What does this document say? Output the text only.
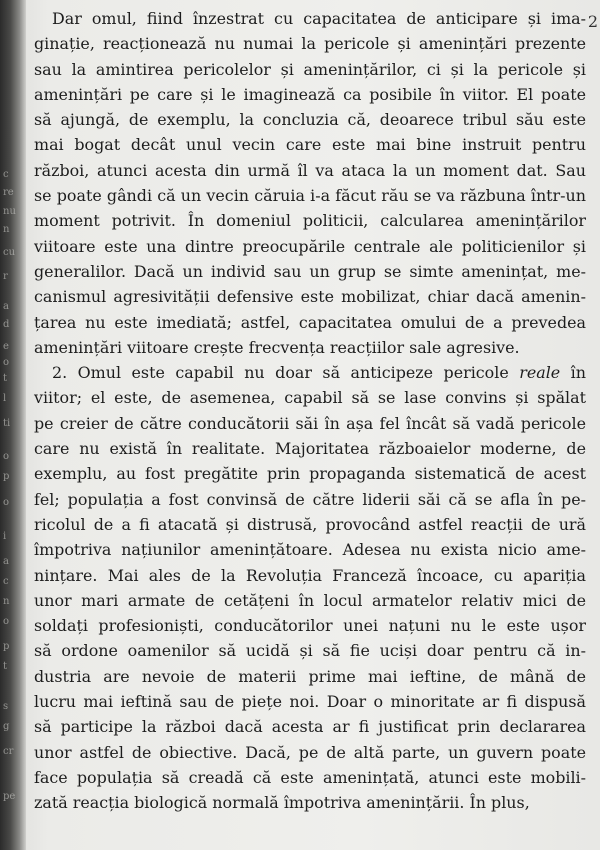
c
re
nu
n
cu
r
a
d
e
o
t
l
ti
o
p
o
i
a
c
n
o
p
t
s
g
cr
pe
2
Dar omul, fiind înzestrat cu capacitatea de anticipare și ima-
ginație, reacționează nu numai la pericole și amenințări prezente
sau la amintirea pericolelor și amenințărilor, ci și la pericole și
amenințări pe care și le imaginează ca posibile în viitor. El poate
să ajungă, de exemplu, la concluzia că, deoarece tribul său este
mai bogat decât unul vecin care este mai bine instruit pentru
război, atunci acesta din urmă îl va ataca la un moment dat. Sau
se poate gândi că un vecin căruia i-a făcut rău se va răzbuna într-un
moment potrivit. În domeniul politicii, calcularea amenințărilor
viitoare este una dintre preocupările centrale ale politicienilor și
generalilor. Dacă un individ sau un grup se simte amenințat, me-
canismul agresivității defensive este mobilizat, chiar dacă amenin-
țarea nu este imediată; astfel, capacitatea omului de a prevedea
amenințări viitoare crește frecvența reacțiilor sale agresive.
2. Omul este capabil nu doar să anticipeze pericole reale în
viitor; el este, de asemenea, capabil să se lase convins și spălat
pe creier de către conducătorii săi în așa fel încât să vadă pericole
care nu există în realitate. Majoritatea războaielor moderne, de
exemplu, au fost pregătite prin propaganda sistematică de acest
fel; populația a fost convinsă de către liderii săi că se afla în pe-
ricolul de a fi atacată și distrusă, provocând astfel reacții de ură
împotriva națiunilor amenințătoare. Adesea nu exista nicio ame-
nințare. Mai ales de la Revoluția Franceză încoace, cu apariția
unor mari armate de cetățeni în locul armatelor relativ mici de
soldați profesioniști, conducătorilor unei națuni nu le este ușor
să ordone oamenilor să ucidă și să fie uciși doar pentru că in-
dustria are nevoie de materii prime mai ieftine, de mână de
lucru mai ieftină sau de piețe noi. Doar o minoritate ar fi dispusă
să participe la război dacă acesta ar fi justificat prin declararea
unor astfel de obiective. Dacă, pe de altă parte, un guvern poate
face populația să creadă că este amenințată, atunci este mobili-
zată reacția biologică normală împotriva amenințării. În plus,
